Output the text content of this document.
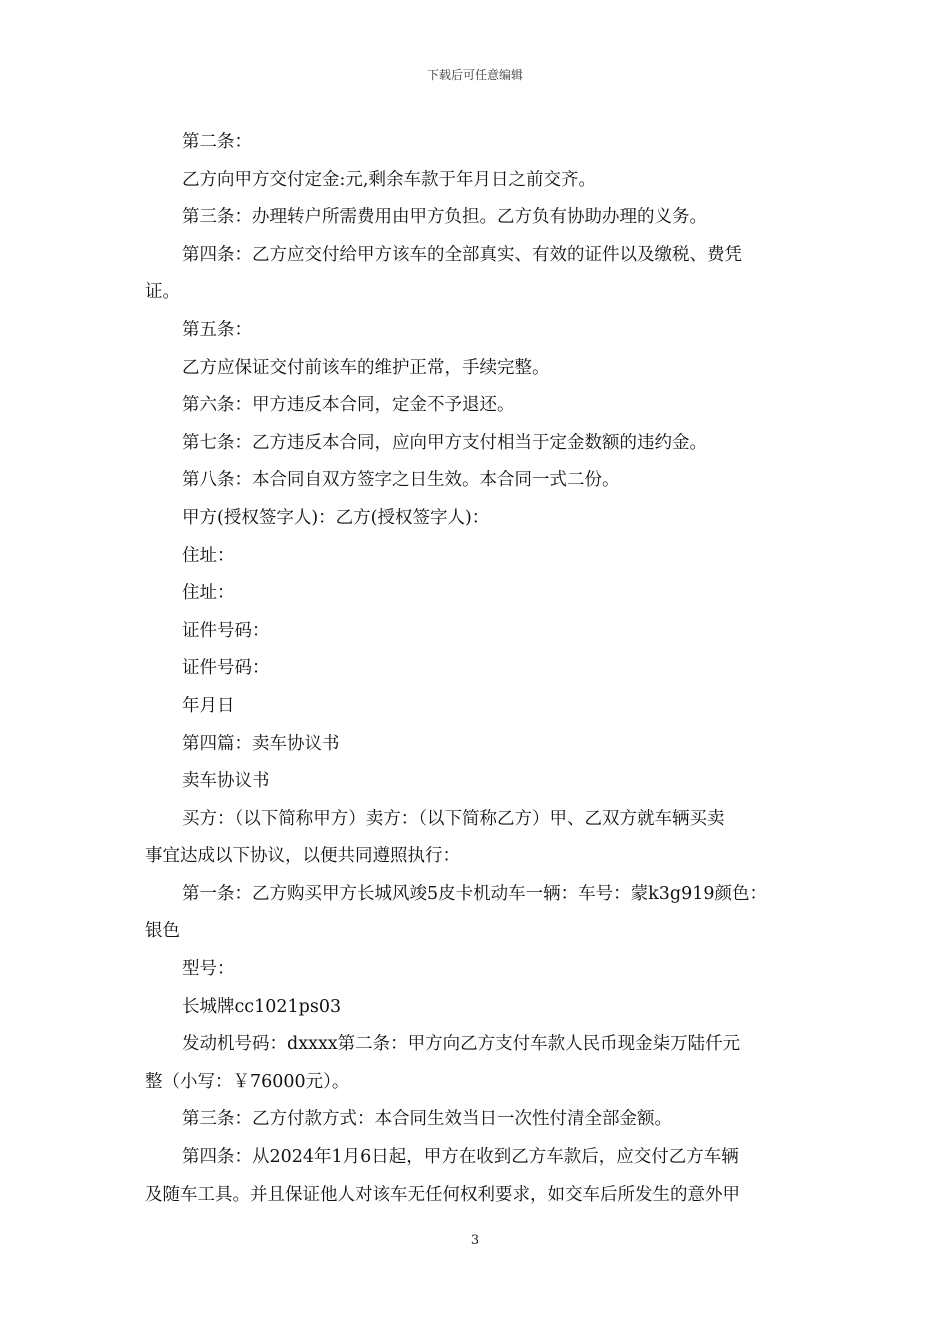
下载后可任意编辑
第二条：
乙方向甲方交付定金:元,剩余车款于年月日之前交齐。
第三条：办理转户所需费用由甲方负担。乙方负有协助办理的义务。
第四条：乙方应交付给甲方该车的全部真实、有效的证件以及缴税、费凭
证。
第五条：
乙方应保证交付前该车的维护正常，手续完整。
第六条：甲方违反本合同，定金不予退还。
第七条：乙方违反本合同，应向甲方支付相当于定金数额的违约金。
第八条：本合同自双方签字之日生效。本合同一式二份。
甲方(授权签字人)：乙方(授权签字人)：
住址：
住址：
证件号码：
证件号码：
年月日
第四篇：卖车协议书
卖车协议书
买方：（以下简称甲方）卖方：（以下简称乙方）甲、乙双方就车辆买卖
事宜达成以下协议，以便共同遵照执行：
第一条：乙方购买甲方长城风竣5皮卡机动车一辆：车号：蒙k3g919颜色：
银色
型号：
长城牌cc1021ps03
发动机号码：dxxxx第二条：甲方向乙方支付车款人民币现金柒万陆仟元
整（小写：￥76000元）。
第三条：乙方付款方式：本合同生效当日一次性付清全部金额。
第四条：从2024年1月6日起，甲方在收到乙方车款后，应交付乙方车辆
及随车工具。并且保证他人对该车无任何权利要求，如交车后所发生的意外甲
3
